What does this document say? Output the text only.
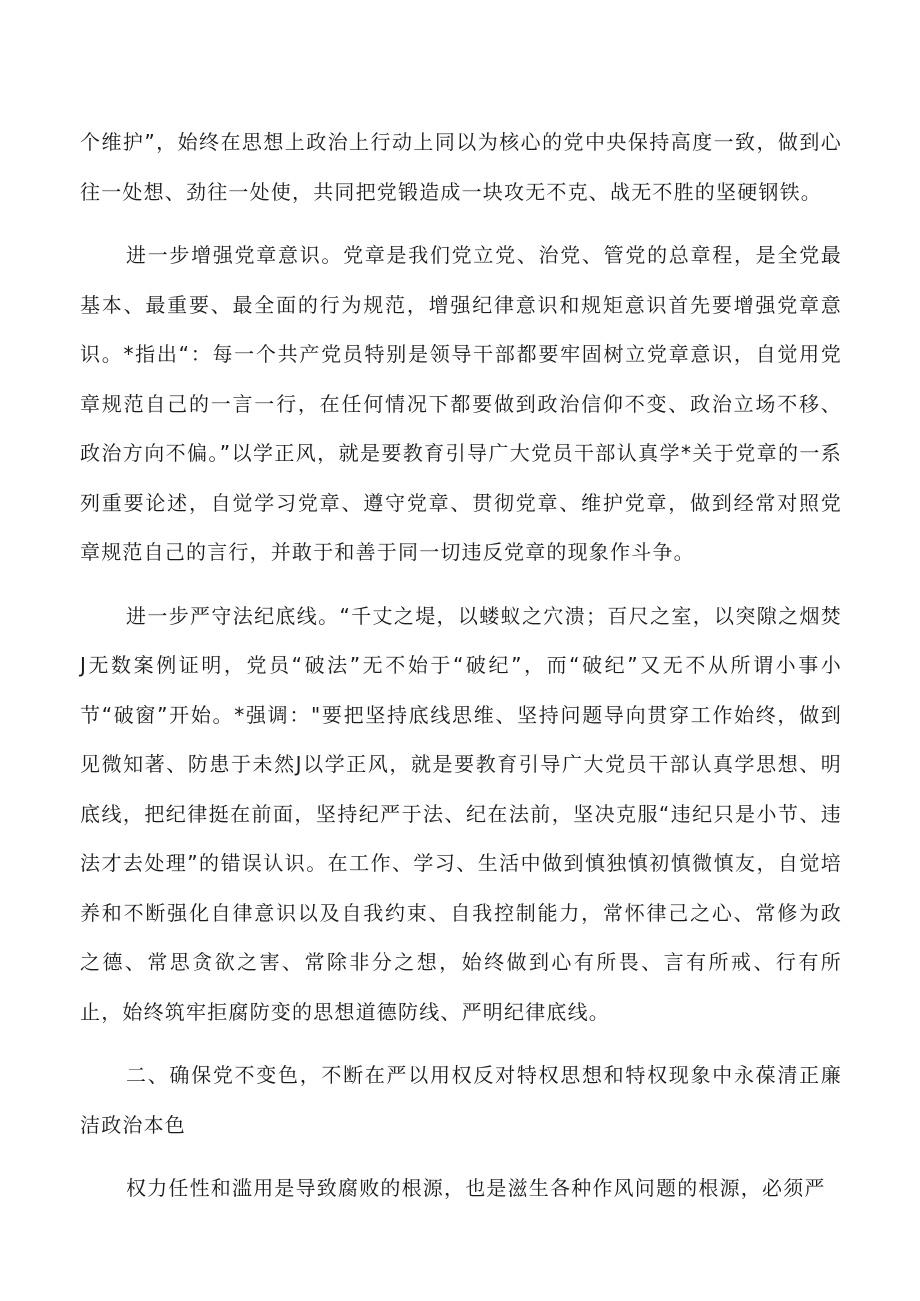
个维护”，始终在思想上政治上行动上同以为核心的党中央保持高度一致，做到心往一处想、劲往一处使，共同把党锻造成一块攻无不克、战无不胜的坚硬钢铁。

进一步增强党章意识。党章是我们党立党、治党、管党的总章程，是全党最基本、最重要、最全面的行为规范，增强纪律意识和规矩意识首先要增强党章意识。*指出“：每一个共产党员特别是领导干部都要牢固树立党章意识，自觉用党章规范自己的一言一行，在任何情况下都要做到政治信仰不变、政治立场不移、政治方向不偏。”以学正风，就是要教育引导广大党员干部认真学*关于党章的一系列重要论述，自觉学习党章、遵守党章、贯彻党章、维护党章，做到经常对照党章规范自己的言行，并敢于和善于同一切违反党章的现象作斗争。

进一步严守法纪底线。“千丈之堤，以蝼蚁之穴溃；百尺之室，以突隙之烟焚J无数案例证明，党员“破法”无不始于“破纪”，而“破纪”又无不从所谓小事小节“破窗”开始。*强调："要把坚持底线思维、坚持问题导向贯穿工作始终，做到见微知著、防患于未然J以学正风，就是要教育引导广大党员干部认真学思想、明底线，把纪律挺在前面，坚持纪严于法、纪在法前，坚决克服“违纪只是小节、违法才去处理”的错误认识。在工作、学习、生活中做到慎独慎初慎微慎友，自觉培养和不断强化自律意识以及自我约束、自我控制能力，常怀律己之心、常修为政之德、常思贪欲之害、常除非分之想，始终做到心有所畏、言有所戒、行有所止，始终筑牢拒腐防变的思想道德防线、严明纪律底线。

二、确保党不变色，不断在严以用权反对特权思想和特权现象中永葆清正廉洁政治本色

权力任性和滥用是导致腐败的根源，也是滋生各种作风问题的根源，必须严
